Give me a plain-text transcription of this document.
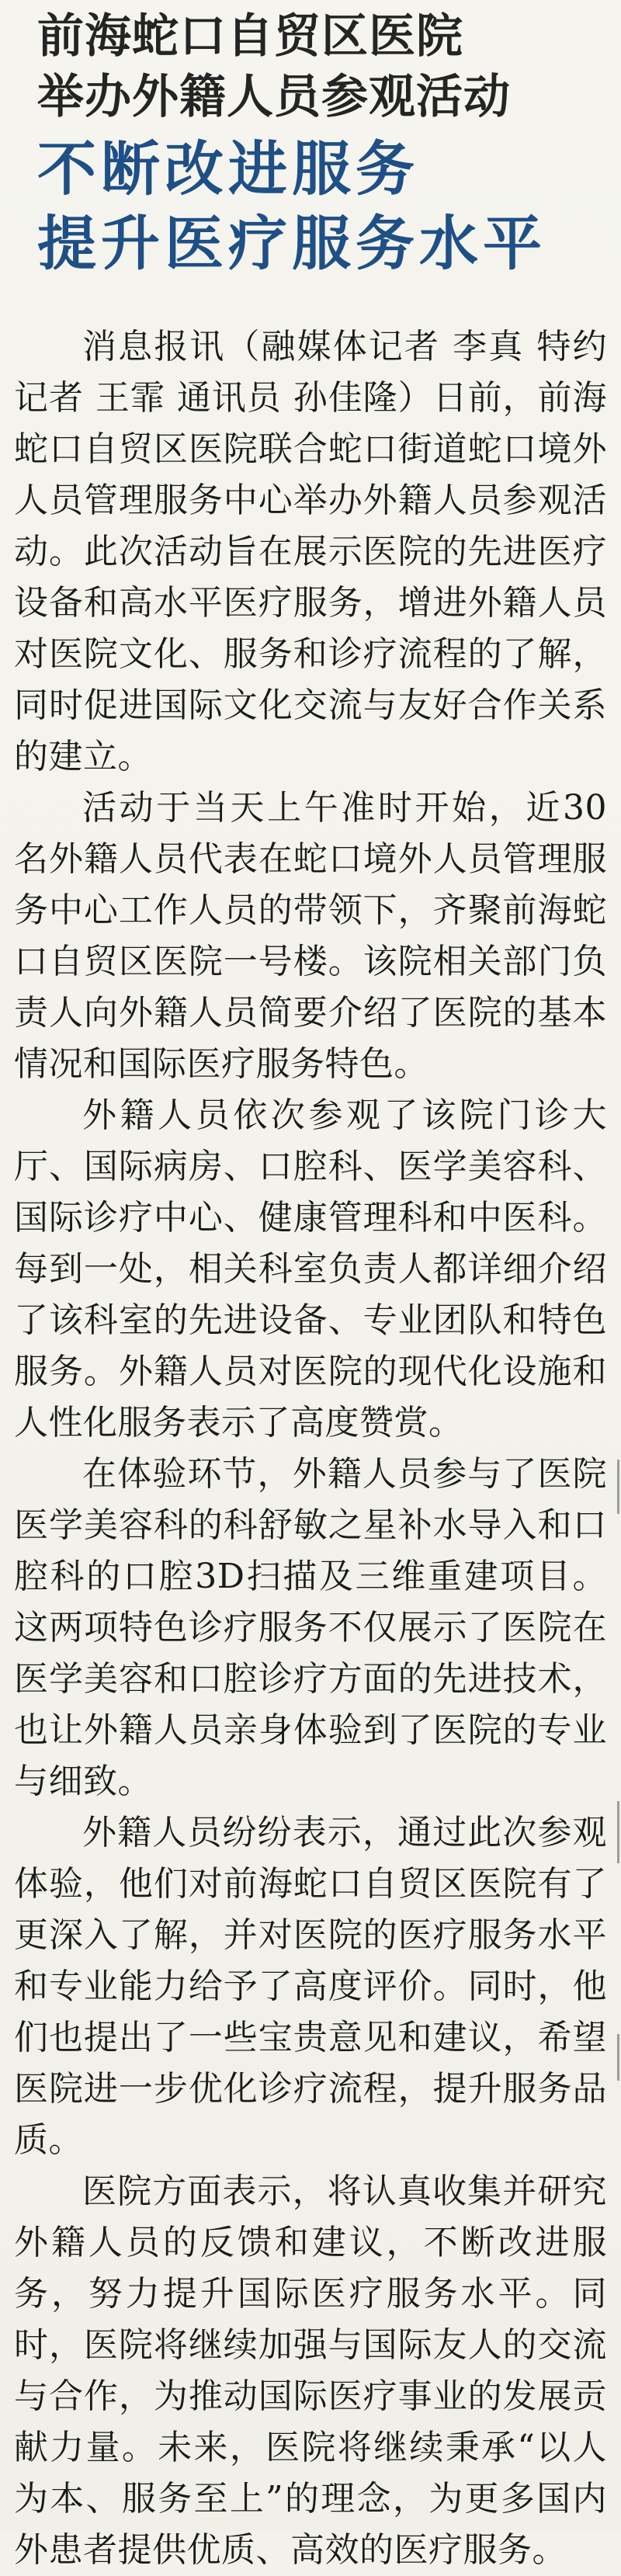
前海蛇口自贸区医院
举办外籍人员参观活动
不断改进服务
提升医疗服务水平

消息报讯（融媒体记者 李真 特约记者 王霏 通讯员 孙佳隆）日前，前海蛇口自贸区医院联合蛇口街道蛇口境外人员管理服务中心举办外籍人员参观活动。此次活动旨在展示医院的先进医疗设备和高水平医疗服务，增进外籍人员对医院文化、服务和诊疗流程的了解，同时促进国际文化交流与友好合作关系的建立。

活动于当天上午准时开始，近30名外籍人员代表在蛇口境外人员管理服务中心工作人员的带领下，齐聚前海蛇口自贸区医院一号楼。该院相关部门负责人向外籍人员简要介绍了医院的基本情况和国际医疗服务特色。

外籍人员依次参观了该院门诊大厅、国际病房、口腔科、医学美容科、国际诊疗中心、健康管理科和中医科。每到一处，相关科室负责人都详细介绍了该科室的先进设备、专业团队和特色服务。外籍人员对医院的现代化设施和人性化服务表示了高度赞赏。

在体验环节，外籍人员参与了医院医学美容科的科舒敏之星补水导入和口腔科的口腔3D扫描及三维重建项目。这两项特色诊疗服务不仅展示了医院在医学美容和口腔诊疗方面的先进技术，也让外籍人员亲身体验到了医院的专业与细致。

外籍人员纷纷表示，通过此次参观体验，他们对前海蛇口自贸区医院有了更深入了解，并对医院的医疗服务水平和专业能力给予了高度评价。同时，他们也提出了一些宝贵意见和建议，希望医院进一步优化诊疗流程，提升服务品质。

医院方面表示，将认真收集并研究外籍人员的反馈和建议，不断改进服务，努力提升国际医疗服务水平。同时，医院将继续加强与国际友人的交流与合作，为推动国际医疗事业的发展贡献力量。未来，医院将继续秉承“以人为本、服务至上”的理念，为更多国内外患者提供优质、高效的医疗服务。
